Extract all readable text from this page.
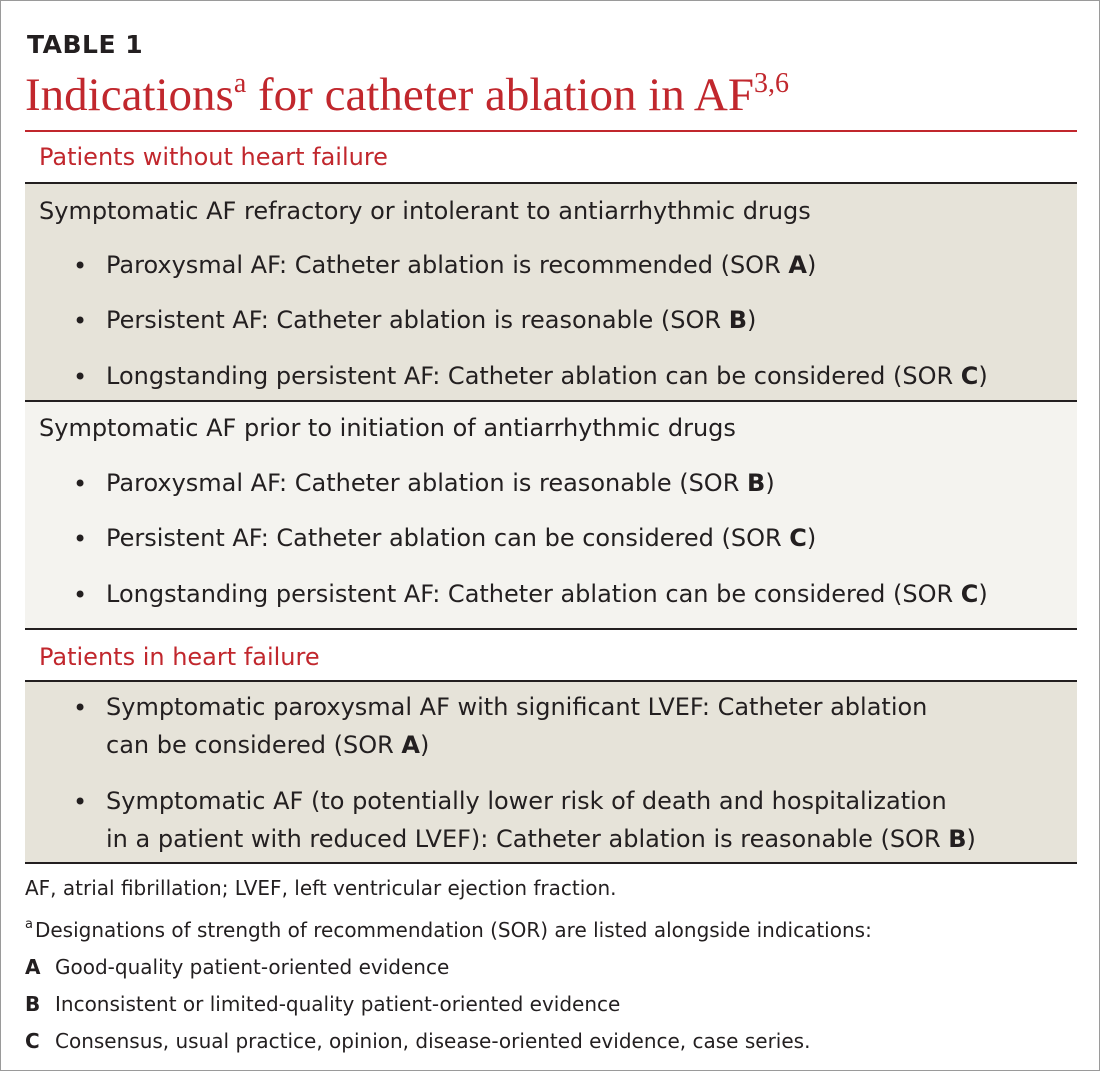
TABLE 1
Indications$^a$ for catheter ablation in AF$^{3,6}$
Patients without heart failure
Symptomatic AF refractory or intolerant to antiarrhythmic drugs
• Paroxysmal AF: Catheter ablation is recommended (SOR A)
• Persistent AF: Catheter ablation is reasonable (SOR B)
• Longstanding persistent AF: Catheter ablation can be considered (SOR C)
Symptomatic AF prior to initiation of antiarrhythmic drugs
• Paroxysmal AF: Catheter ablation is reasonable (SOR B)
• Persistent AF: Catheter ablation can be considered (SOR C)
• Longstanding persistent AF: Catheter ablation can be considered (SOR C)
Patients in heart failure
• Symptomatic paroxysmal AF with significant LVEF: Catheter ablation
can be considered (SOR A)
• Symptomatic AF (to potentially lower risk of death and hospitalization
in a patient with reduced LVEF): Catheter ablation is reasonable (SOR B)
AF, atrial fibrillation; LVEF, left ventricular ejection fraction.
$^a$ Designations of strength of recommendation (SOR) are listed alongside indications:
A Good-quality patient-oriented evidence
B Inconsistent or limited-quality patient-oriented evidence
C Consensus, usual practice, opinion, disease-oriented evidence, case series.
